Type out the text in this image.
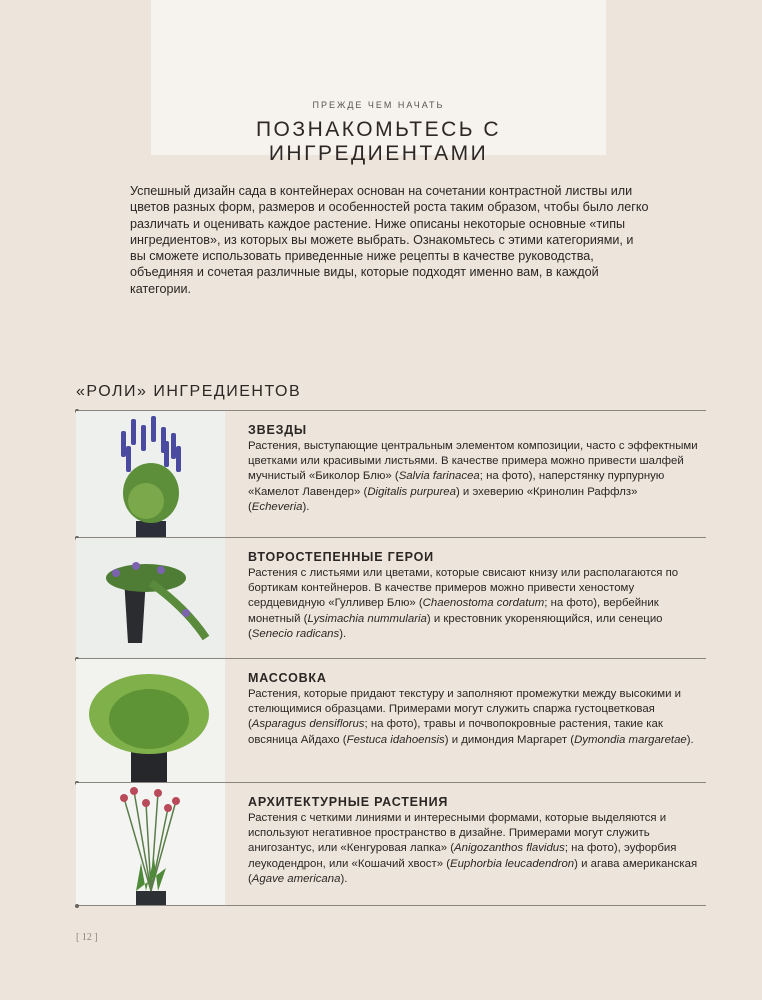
ПРЕЖДЕ ЧЕМ НАЧАТЬ
ПОЗНАКОМЬТЕСЬ С ИНГРЕДИЕНТАМИ
Успешный дизайн сада в контейнерах основан на сочетании контрастной листвы или цветов разных форм, размеров и особенностей роста таким образом, чтобы было легко различать и оценивать каждое растение. Ниже описаны некоторые основные «типы ингредиентов», из которых вы можете выбрать. Ознакомьтесь с этими категориями, и вы сможете использовать приведенные ниже рецепты в качестве руководства, объединяя и сочетая различные виды, которые подходят именно вам, в каждой категории.
«РОЛИ» ИНГРЕДИЕНТОВ
ЗВЕЗДЫ
Растения, выступающие центральным элементом композиции, часто с эффектными цветками или красивыми листьями. В качестве примера можно привести шалфей мучнистый «Биколор Блю» (Salvia farinacea; на фото), наперстянку пурпурную «Камелот Лавендер» (Digitalis purpurea) и эхеверию «Кринолин Раффлз» (Echeveria).
ВТОРОСТЕПЕННЫЕ ГЕРОИ
Растения с листьями или цветами, которые свисают книзу или располагаются по бортикам контейнеров. В качестве примеров можно привести хеностому сердцевидную «Гулливер Блю» (Chaenostoma cordatum; на фото), вербейник монетный (Lysimachia nummularia) и крестовник укореняющийся, или сенецио (Senecio radicans).
МАССОВКА
Растения, которые придают текстуру и заполняют промежутки между высокими и стелющимися образцами. Примерами могут служить спаржа густоцветковая (Asparagus densiflorus; на фото), травы и почвопокровные растения, такие как овсяница Айдахо (Festuca idahoensis) и димондия Маргарет (Dymondia margaretae).
АРХИТЕКТУРНЫЕ РАСТЕНИЯ
Растения с четкими линиями и интересными формами, которые выделяются и используют негативное пространство в дизайне. Примерами могут служить анигозантус, или «Кенгуровая лапка» (Anigozanthos flavidus; на фото), эуфорбия леукодендрон, или «Кошачий хвост» (Euphorbia leucadendron) и агава американская (Agave americana).
[ 12 ]
